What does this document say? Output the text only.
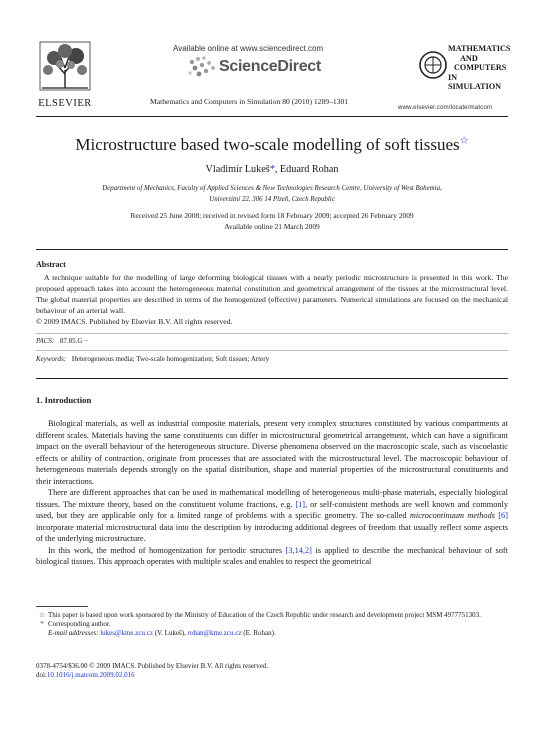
ELSEVIER
Available online at www.sciencedirect.com
ScienceDirect
Mathematics and Computers in Simulation 80 (2010) 1289–1301
MATHEMATICS
AND
COMPUTERS
IN SIMULATION
www.elsevier.com/locate/matcom
Microstructure based two-scale modelling of soft tissues☆
Vladimír Lukeš*, Eduard Rohan
Department of Mechanics, Faculty of Applied Sciences & New Technologies Research Centre, University of West Bohemia,
Univerzitní 22, 306 14 Plzeň, Czech Republic
Received 25 June 2008; received in revised form 18 February 2009; accepted 26 February 2009
Available online 21 March 2009
Abstract
A technique suitable for the modelling of large deforming biological tissues with a nearly periodic microstructure is presented in this work. The proposed approach takes into account the heterogeneous material constitution and geometrical arrangement of the tissues at the microstructural level. The global material properties are described in terms of the homogenized (effective) parameters. Numerical simulations are focused on the mechanical behaviour of an arterial wall.
© 2009 IMACS. Published by Elsevier B.V. All rights reserved.
PACS: 87.85.G −
Keywords: Heterogeneous media; Two-scale homogenization; Soft tissues; Artery
1. Introduction

Biological materials, as well as industrial composite materials, present very complex structures constituted by various compartments at different scales. Materials having the same constituents can differ in microstructural geometrical arrangement, which can have a significant impact on the overall behaviour of the heterogeneous structure. Diverse phenomena observed on the macroscopic scale, such as viscoelastic effects or ability of contraction, originate from processes that are associated with the microstructural level. The macroscopic behaviour of heterogeneous materials depends strongly on the spatial distribution, shape and material properties of the microstructural constituents and their interactions.

There are different approaches that can be used in mathematical modelling of heterogeneous multi-phase materials, especially biological tissues. The mixture theory, based on the constituent volume fractions, e.g. [1], or self-consistent methods are well known and commonly used, but they are applicable only for a limited range of problems with a specific geometry. The so-called microcontinuum methods [6] incorporate material microstructural data into the description by introducing additional degrees of freedom that usually reflect some aspects of the underlying microstructure.

In this work, the method of homogenization for periodic structures [3,14,2] is applied to describe the mechanical behaviour of soft biological tissues. This approach operates with multiple scales and enables to respect the geometrical

☆ This paper is based upon work sponsored by the Ministry of Education of the Czech Republic under research and development project MSM 4977751303.
* Corresponding author.
E-mail addresses: lukes@kme.zcu.cz (V. Lukeš), rohan@kme.zcu.cz (E. Rohan).
0378-4754/$36.00 © 2009 IMACS. Published by Elsevier B.V. All rights reserved.
doi:10.1016/j.matcom.2009.02.016
